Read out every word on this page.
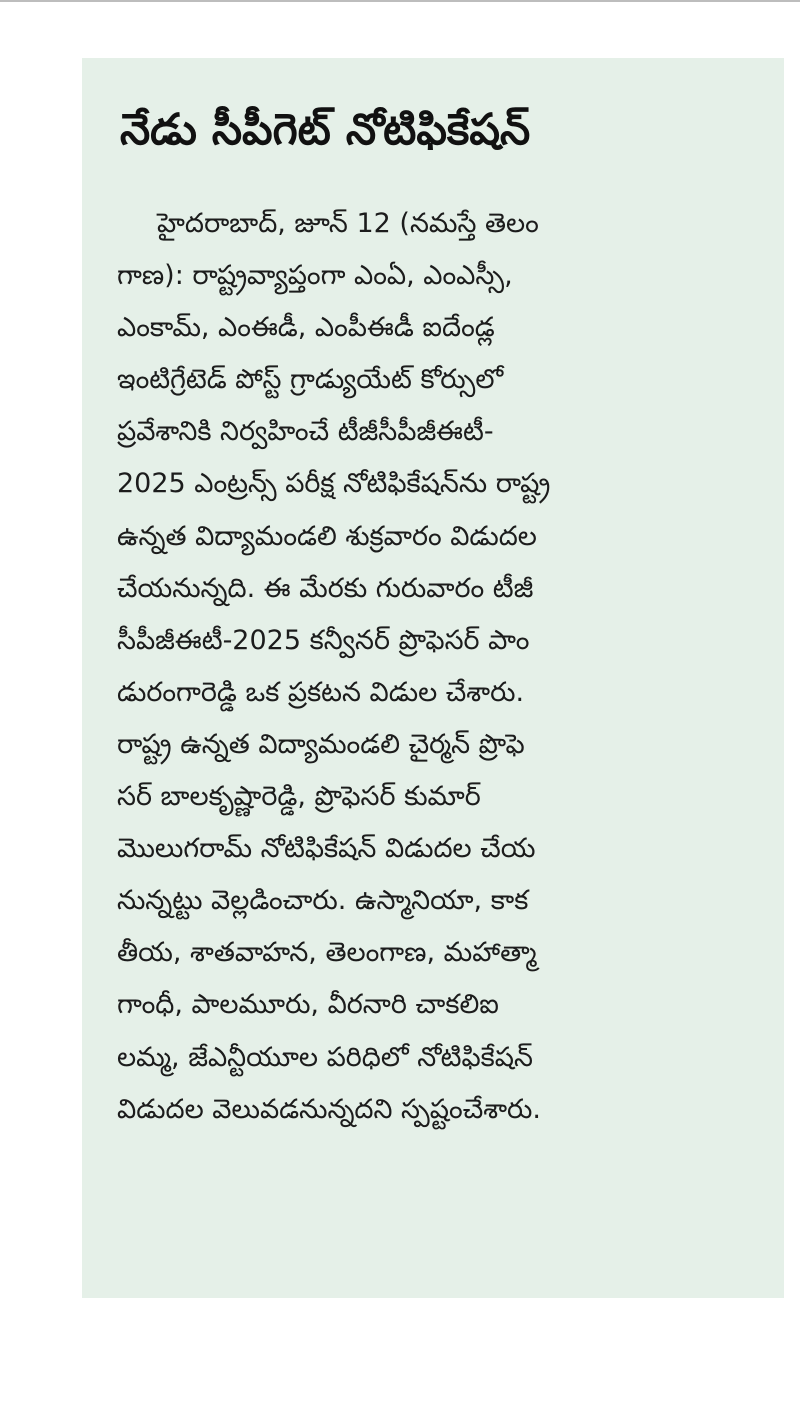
నేడు సీపీగెట్ నోటిఫికేషన్
హైదరాబాద్, జూన్ 12 (నమస్తే తెలం
గాణ): రాష్ట్రవ్యాప్తంగా ఎంఏ, ఎంఎస్సీ,
ఎంకామ్, ఎంఈడీ, ఎంపీఈడీ ఐదేండ్ల
ఇంటిగ్రేటెడ్ పోస్ట్ గ్రాడ్యుయేట్ కోర్సులో
ప్రవేశానికి నిర్వహించే టీజీసీపీజీఈటీ-
2025 ఎంట్రన్స్ పరీక్ష నోటిఫికేషన్‌ను రాష్ట్ర
ఉన్నత విద్యామండలి శుక్రవారం విడుదల
చేయనున్నది. ఈ మేరకు గురువారం టీజీ
సీపీజీఈటీ-2025 కన్వీనర్ ప్రొఫెసర్ పాం
డురంగారెడ్డి ఒక ప్రకటన విడుల చేశారు.
రాష్ట్ర ఉన్నత విద్యామండలి చైర్మన్ ప్రొఫె
సర్ బాలకృష్ణారెడ్డి, ప్రొఫెసర్ కుమార్
మొలుగరామ్ నోటిఫికేషన్ విడుదల చేయ
నున్నట్టు వెల్లడించారు. ఉస్మానియా, కాక
తీయ, శాతవాహన, తెలంగాణ, మహాత్మా
గాంధీ, పాలమూరు, వీరనారి చాకలిఐ
లమ్మ, జేఎన్టీయూల పరిధిలో నోటిఫికేషన్
విడుదల వెలువడనున్నదని స్పష్టంచేశారు.
